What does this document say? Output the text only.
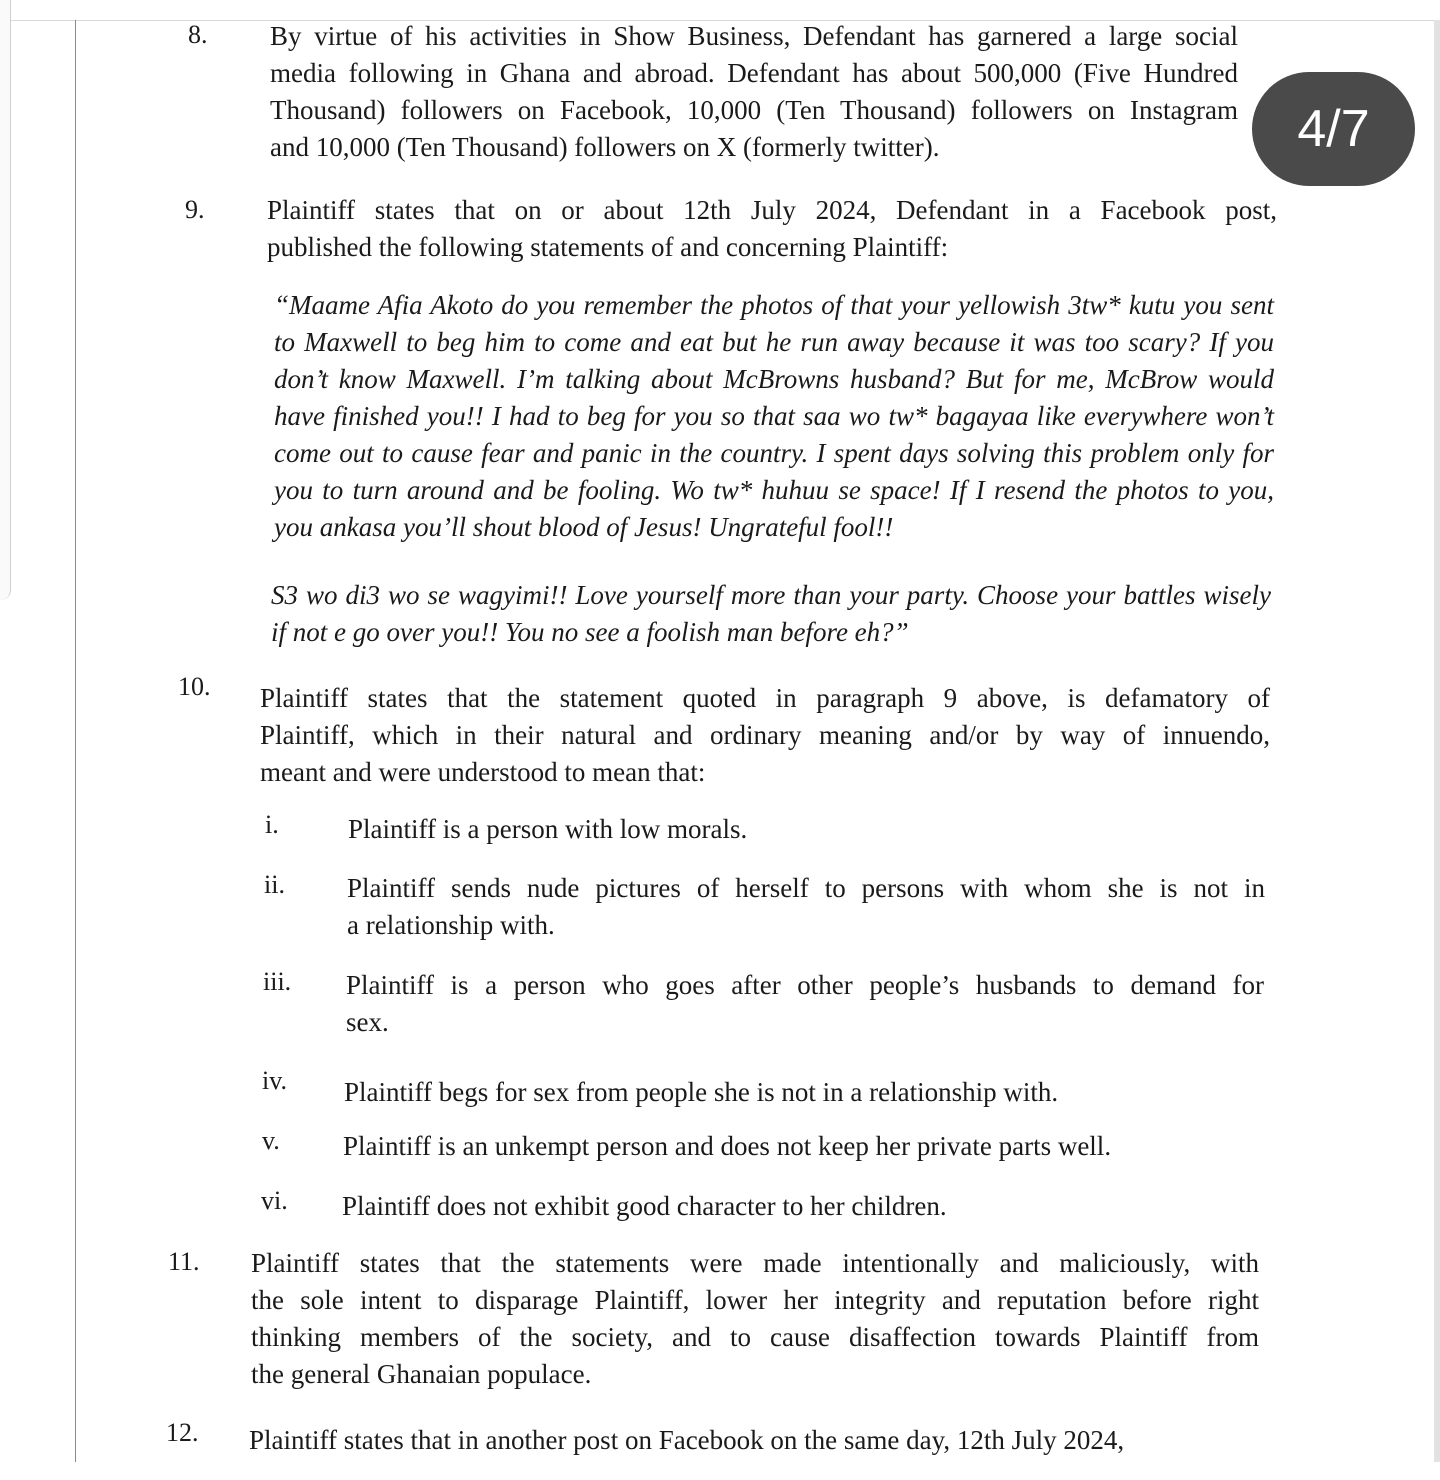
8. By virtue of his activities in Show Business, Defendant has garnered a large social
media following in Ghana and abroad. Defendant has about 500,000 (Five Hundred
Thousand) followers on Facebook, 10,000 (Ten Thousand) followers on Instagram
and 10,000 (Ten Thousand) followers on X (formerly twitter).
9. Plaintiff states that on or about 12th July 2024, Defendant in a Facebook post,
published the following statements of and concerning Plaintiff:
“Maame Afia Akoto do you remember the photos of that your yellowish 3tw* kutu you sent
to Maxwell to beg him to come and eat but he run away because it was too scary? If you
don’t know Maxwell. I’m talking about McBrowns husband? But for me, McBrow would
have finished you!! I had to beg for you so that saa wo tw* bagayaa like everywhere won’t
come out to cause fear and panic in the country. I spent days solving this problem only for
you to turn around and be fooling. Wo tw* huhuu se space! If I resend the photos to you,
you ankasa you’ll shout blood of Jesus! Ungrateful fool!!
S3 wo di3 wo se wagyimi!! Love yourself more than your party. Choose your battles wisely
if not e go over you!! You no see a foolish man before eh?”
10. Plaintiff states that the statement quoted in paragraph 9 above, is defamatory of
Plaintiff, which in their natural and ordinary meaning and/or by way of innuendo,
meant and were understood to mean that:
i.	Plaintiff is a person with low morals.
ii. Plaintiff sends nude pictures of herself to persons with whom she is not in
a relationship with.
iii. Plaintiff is a person who goes after other people’s husbands to demand for
sex.
iv. Plaintiff begs for sex from people she is not in a relationship with.
v. Plaintiff is an unkempt person and does not keep her private parts well.
vi. Plaintiff does not exhibit good character to her children.
11. Plaintiff states that the statements were made intentionally and maliciously, with
the sole intent to disparage Plaintiff, lower her integrity and reputation before right
thinking members of the society, and to cause disaffection towards Plaintiff from
the general Ghanaian populace.
12. Plaintiff states that in another post on Facebook on the same day, 12th July 2024,
4/7
